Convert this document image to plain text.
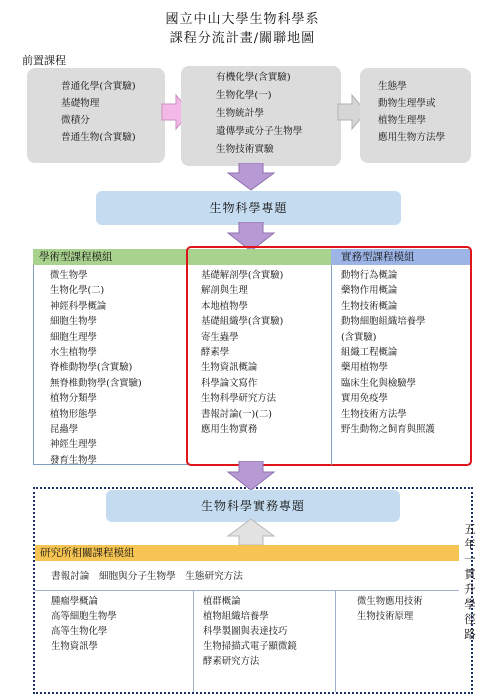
國立中山大學生物科學系
課程分流計畫/關聯地圖
前置課程
普通化學(含實驗)
基礎物理
微積分
普通生物(含實驗)
有機化學(含實驗)
生物化學(一)
生物統計學
遺傳學或分子生物學
生物技術實驗
生態學
動物生理學或
植物生理學
應用生物方法學
生物科學專題
學術型課程模組	實務型課程模組
微生物學
生物化學(二)
神經科學概論
細胞生物學
細胞生理學
水生植物學
脊椎動物學(含實驗)
無脊椎動物學(含實驗)
植物分類學
植物形態學
昆蟲學
神經生理學
發育生物學
基礎解剖學(含實驗)
解剖與生理
本地植物學
基礎組織學(含實驗)
寄生蟲學
酵素學
生物資訊概論
科學論文寫作
生物科學研究方法
書報討論(一)(二)
應用生物實務
動物行為概論
藥物作用概論
生物技術概論
動物細胞組織培養學
(含實驗)
組織工程概論
藥用植物學
臨床生化與檢驗學
實用免疫學
生物技術方法學
野生動物之飼育與照護
生物科學實務專題
研究所相關課程模組
書報討論　細胞與分子生物學　生態研究方法
腫瘤學概論
高等細胞生物學
高等生物化學
生物資訊學
植群概論
植物組織培養學
科學製圖與表達技巧
生物掃描式電子顯微鏡
酵素研究方法
微生物應用技術
生物技術原理
五
年
一
貫
升
學
徑
路
